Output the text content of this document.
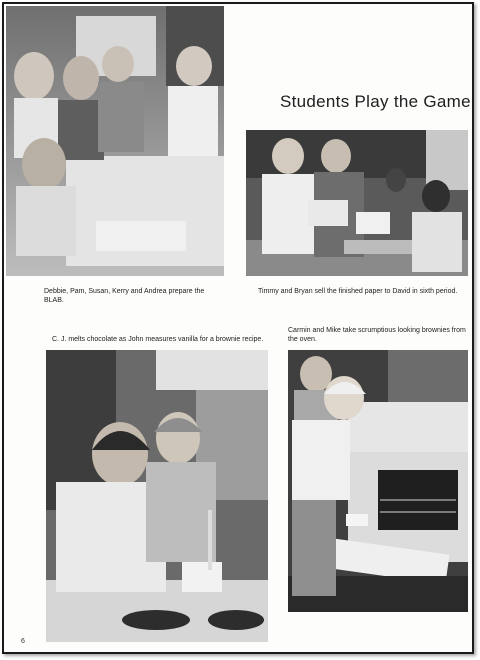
Debbie, Pam, Susan, Kerry and Andrea prepare the BLAB.
Students Play the Game
Timmy and Bryan sell the finished paper to David in sixth period.
C. J. melts chocolate as John measures vanilla for a brownie recipe.
Carmin and Mike take scrumptious looking brownies from the oven.
6
